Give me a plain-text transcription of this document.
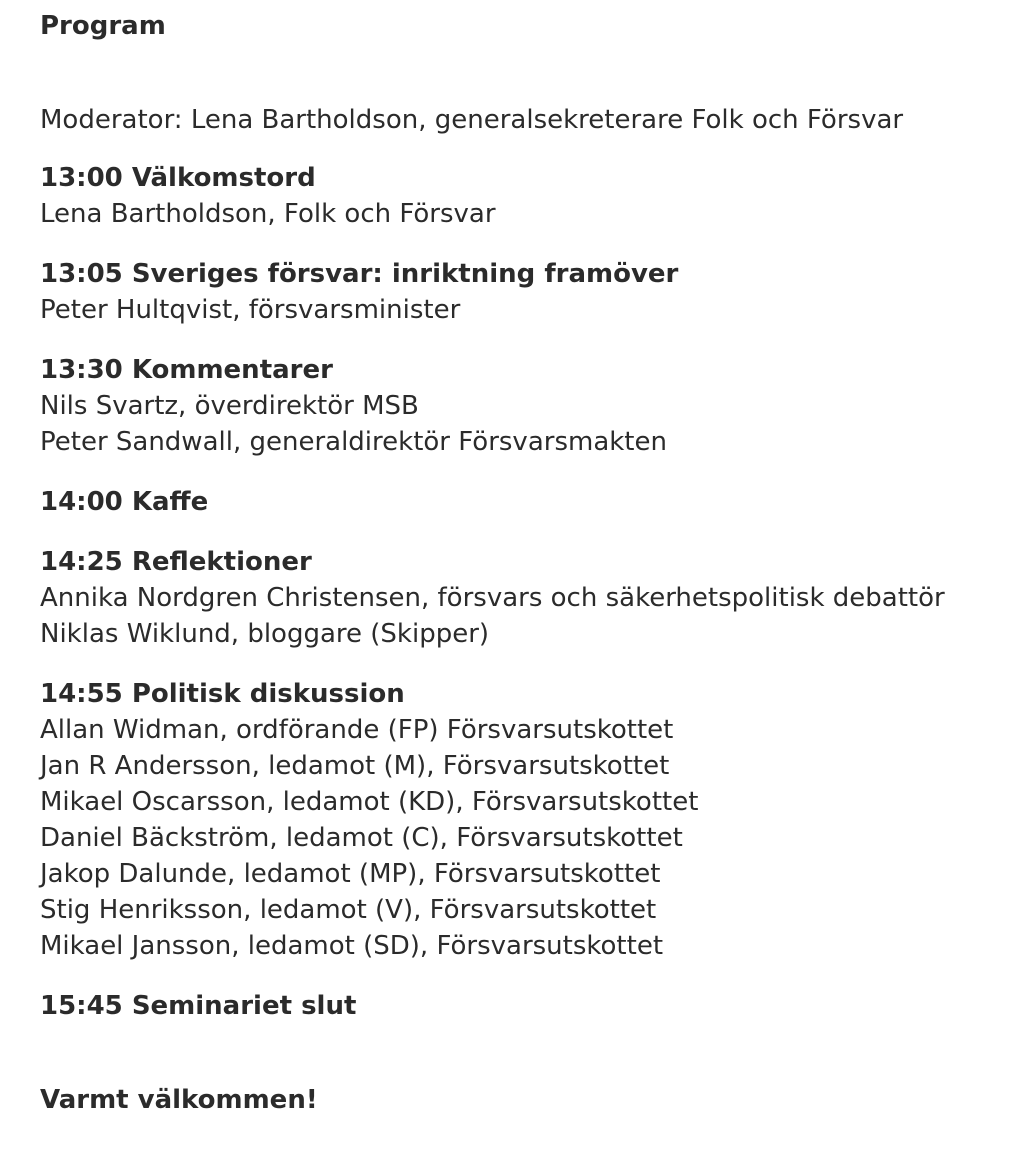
Program

Moderator: Lena Bartholdson, generalsekreterare Folk och Försvar

13:00 Välkomstord
Lena Bartholdson, Folk och Försvar
13:05 Sveriges försvar: inriktning framöver
Peter Hultqvist, försvarsminister
13:30 Kommentarer
Nils Svartz, överdirektör MSB
Peter Sandwall, generaldirektör Försvarsmakten
14:00 Kaffe
14:25 Reflektioner
Annika Nordgren Christensen, försvars och säkerhetspolitisk debattör
Niklas Wiklund, bloggare (Skipper)
14:55 Politisk diskussion
Allan Widman, ordförande (FP) Försvarsutskottet
Jan R Andersson, ledamot (M), Försvarsutskottet
Mikael Oscarsson, ledamot (KD), Försvarsutskottet
Daniel Bäckström, ledamot (C), Försvarsutskottet
Jakop Dalunde, ledamot (MP), Försvarsutskottet
Stig Henriksson, ledamot (V), Försvarsutskottet
Mikael Jansson, ledamot (SD), Försvarsutskottet
15:45 Seminariet slut

Varmt välkommen!
